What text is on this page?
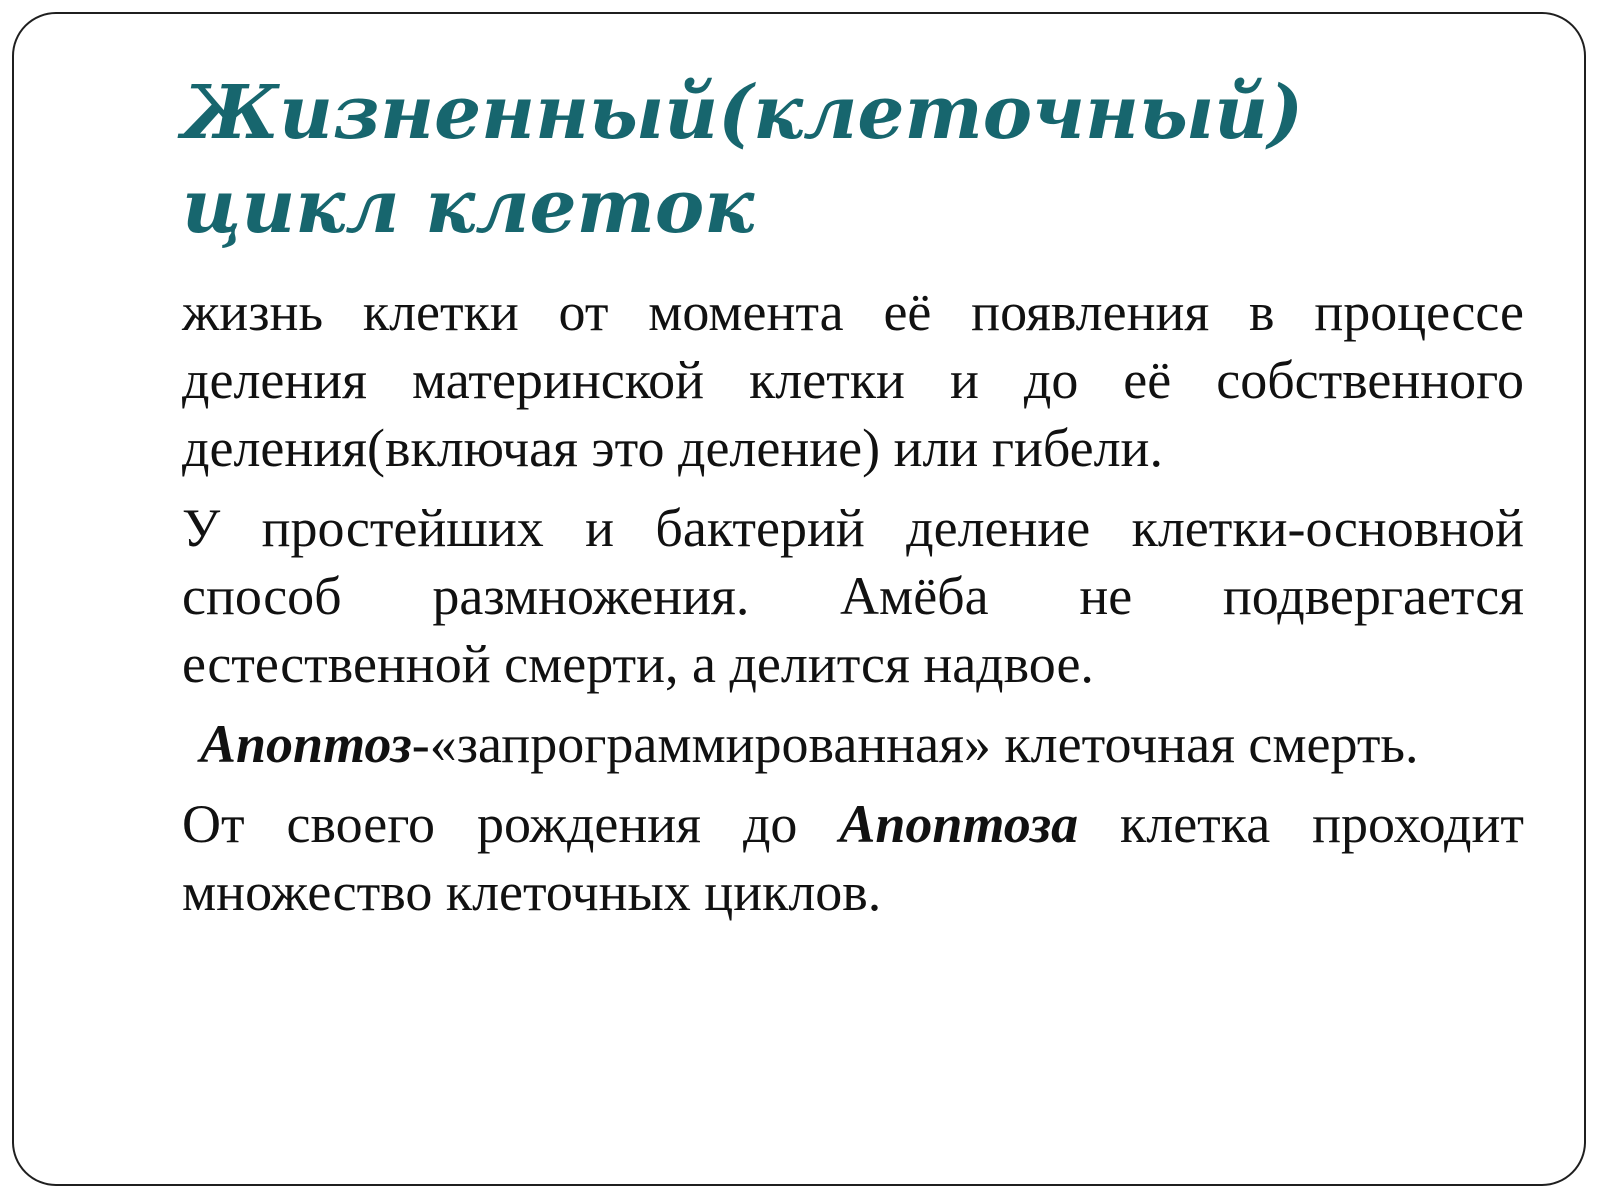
Жизненный(клеточный) цикл клеток

жизнь клетки от момента её появления в процессе деления материнской клетки и до её собственного деления(включая это деление) или гибели.

У простейших и бактерий деление клетки-основной способ размножения. Амёба не подвергается естественной смерти, а делится надвое.

Апоптоз-«запрограммированная» клеточная смерть.

От своего рождения до Апоптоза клетка проходит множество клеточных циклов.
